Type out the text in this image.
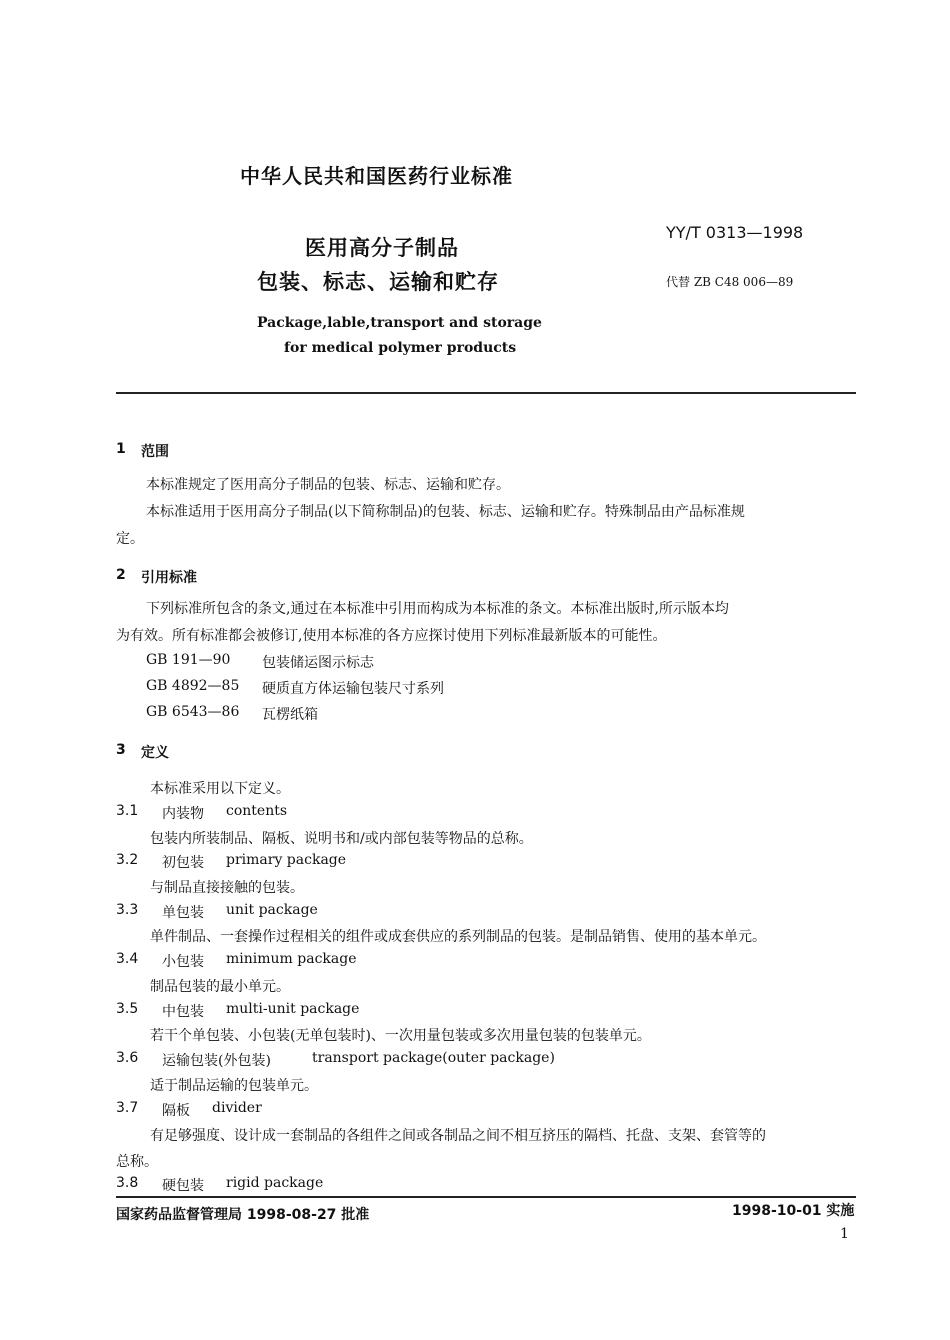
中华人民共和国医药行业标准
YY/T 0313—1998
代替 ZB C48 006—89
医用高分子制品
包装、标志、运输和贮存
Package,lable,transport and storage
for medical polymer products
1 范围
本标准规定了医用高分子制品的包装、标志、运输和贮存。
本标准适用于医用高分子制品(以下简称制品)的包装、标志、运输和贮存。特殊制品由产品标准规
定。
2 引用标准
下列标准所包含的条文,通过在本标准中引用而构成为本标准的条文。本标准出版时,所示版本均
为有效。所有标准都会被修订,使用本标准的各方应探讨使用下列标准最新版本的可能性。
GB 191—90 包装储运图示标志
GB 4892—85 硬质直方体运输包装尺寸系列
GB 6543—86 瓦楞纸箱
3 定义
本标准采用以下定义。
3.1 内装物 contents
包装内所装制品、隔板、说明书和/或内部包装等物品的总称。
3.2 初包装 primary package
与制品直接接触的包装。
3.3 单包装 unit package
单件制品、一套操作过程相关的组件或成套供应的系列制品的包装。是制品销售、使用的基本单元。
3.4 小包装 minimum package
制品包装的最小单元。
3.5 中包装 multi-unit package
若干个单包装、小包装(无单包装时)、一次用量包装或多次用量包装的包装单元。
3.6 运输包装(外包装)	transport package(outer package)
适于制品运输的包装单元。
3.7 隔板 divider
有足够强度、设计成一套制品的各组件之间或各制品之间不相互挤压的隔档、托盘、支架、套管等的
总称。
3.8 硬包装 rigid package
国家药品监督管理局 1998-08-27 批准	1998-10-01 实施
1
